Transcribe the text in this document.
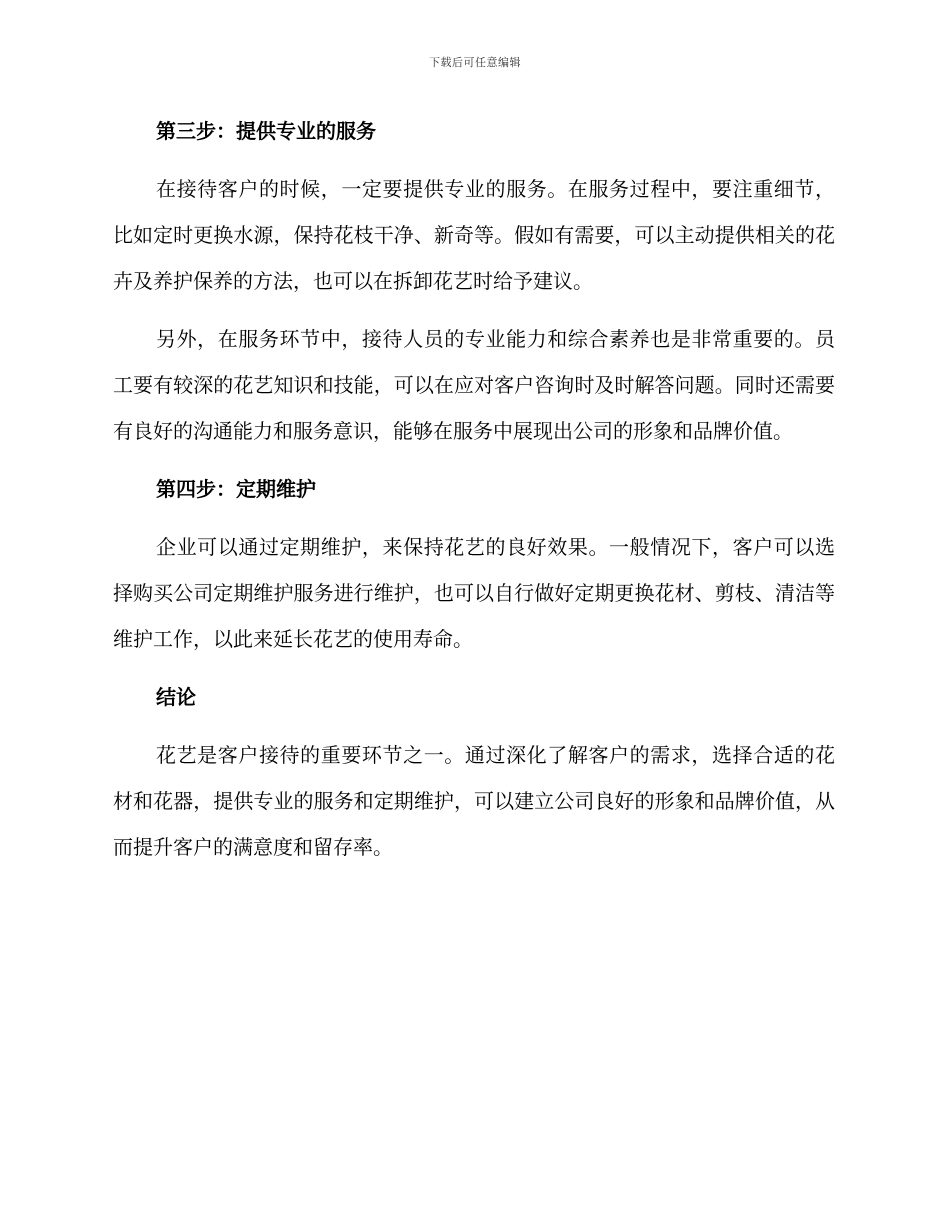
下载后可任意编辑

第三步：提供专业的服务

在接待客户的时候，一定要提供专业的服务。在服务过程中，要注重细节，比如定时更换水源，保持花枝干净、新奇等。假如有需要，可以主动提供相关的花卉及养护保养的方法，也可以在拆卸花艺时给予建议。

另外，在服务环节中，接待人员的专业能力和综合素养也是非常重要的。员工要有较深的花艺知识和技能，可以在应对客户咨询时及时解答问题。同时还需要有良好的沟通能力和服务意识，能够在服务中展现出公司的形象和品牌价值。

第四步：定期维护

企业可以通过定期维护，来保持花艺的良好效果。一般情况下，客户可以选择购买公司定期维护服务进行维护，也可以自行做好定期更换花材、剪枝、清洁等维护工作，以此来延长花艺的使用寿命。

结论

花艺是客户接待的重要环节之一。通过深化了解客户的需求，选择合适的花材和花器，提供专业的服务和定期维护，可以建立公司良好的形象和品牌价值，从而提升客户的满意度和留存率。
